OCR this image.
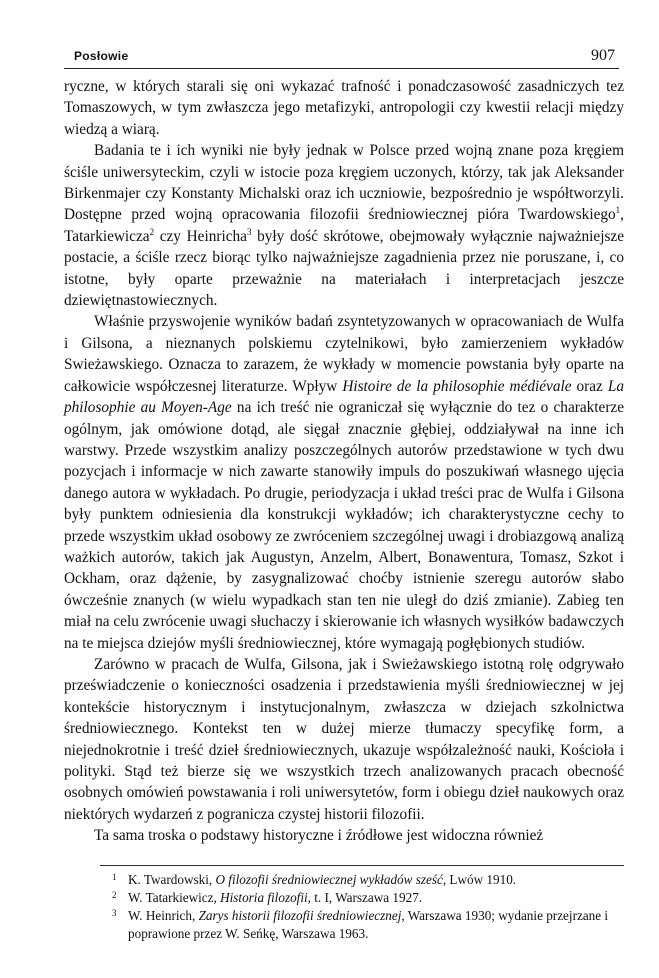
Posłowie	907

ryczne, w których starali się oni wykazać trafność i ponadczasowość zasadniczych tez Tomaszowych, w tym zwłaszcza jego metafizyki, antropologii czy kwestii relacji między wiedzą a wiarą.

Badania te i ich wyniki nie były jednak w Polsce przed wojną znane poza kręgiem ściśle uniwersyteckim, czyli w istocie poza kręgiem uczonych, którzy, tak jak Aleksander Birkenmajer czy Konstanty Michalski oraz ich uczniowie, bezpośrednio je współtworzyli. Dostępne przed wojną opracowania filozofii średniowiecznej pióra Twardowskiego$^1$, Tatarkiewicza$^2$ czy Heinricha$^3$ były dość skrótowe, obejmowały wyłącznie najważniejsze postacie, a ściśle rzecz biorąc tylko najważniejsze zagadnienia przez nie poruszane, i, co istotne, były oparte przeważnie na materiałach i interpretacjach jeszcze dziewiętnastowiecznych.

Właśnie przyswojenie wyników badań zsyntetyzowanych w opracowaniach de Wulfa i Gilsona, a nieznanych polskiemu czytelnikowi, było zamierzeniem wykładów Swieżawskiego. Oznacza to zarazem, że wykłady w momencie powstania były oparte na całkowicie współczesnej literaturze. Wpływ Histoire de la philosophie médiévale oraz La philosophie au Moyen-Age na ich treść nie ograniczał się wyłącznie do tez o charakterze ogólnym, jak omówione dotąd, ale sięgał znacznie głębiej, oddziaływał na inne ich warstwy. Przede wszystkim analizy poszczególnych autorów przedstawione w tych dwu pozycjach i informacje w nich zawarte stanowiły impuls do poszukiwań własnego ujęcia danego autora w wykładach. Po drugie, periodyzacja i układ treści prac de Wulfa i Gilsona były punktem odniesienia dla konstrukcji wykładów; ich charakterystyczne cechy to przede wszystkim układ osobowy ze zwróceniem szczególnej uwagi i drobiazgową analizą ważkich autorów, takich jak Augustyn, Anzelm, Albert, Bonawentura, Tomasz, Szkot i Ockham, oraz dążenie, by zasygnalizować choćby istnienie szeregu autorów słabo ówcześnie znanych (w wielu wypadkach stan ten nie uległ do dziś zmianie). Zabieg ten miał na celu zwrócenie uwagi słuchaczy i skierowanie ich własnych wysiłków badawczych na te miejsca dziejów myśli średniowiecznej, które wymagają pogłębionych studiów.

Zarówno w pracach de Wulfa, Gilsona, jak i Swieżawskiego istotną rolę odgrywało przeświadczenie o konieczności osadzenia i przedstawienia myśli średniowiecznej w jej kontekście historycznym i instytucjonalnym, zwłaszcza w dziejach szkolnictwa średniowiecznego. Kontekst ten w dużej mierze tłumaczy specyfikę form, a niejednokrotnie i treść dzieł średniowiecznych, ukazuje współzależność nauki, Kościoła i polityki. Stąd też bierze się we wszystkich trzech analizowanych pracach obecność osobnych omówień powstawania i roli uniwersytetów, form i obiegu dzieł naukowych oraz niektórych wydarzeń z pogranicza czystej historii filozofii.

Ta sama troska o podstawy historyczne i źródłowe jest widoczna również

1 K. Twardowski, O filozofii średniowiecznej wykładów sześć, Lwów 1910.
2 W. Tatarkiewicz, Historia filozofii, t. I, Warszawa 1927.
3 W. Heinrich, Zarys historii filozofii średniowiecznej, Warszawa 1930; wydanie przejrzane i poprawione przez W. Seńkę, Warszawa 1963.
